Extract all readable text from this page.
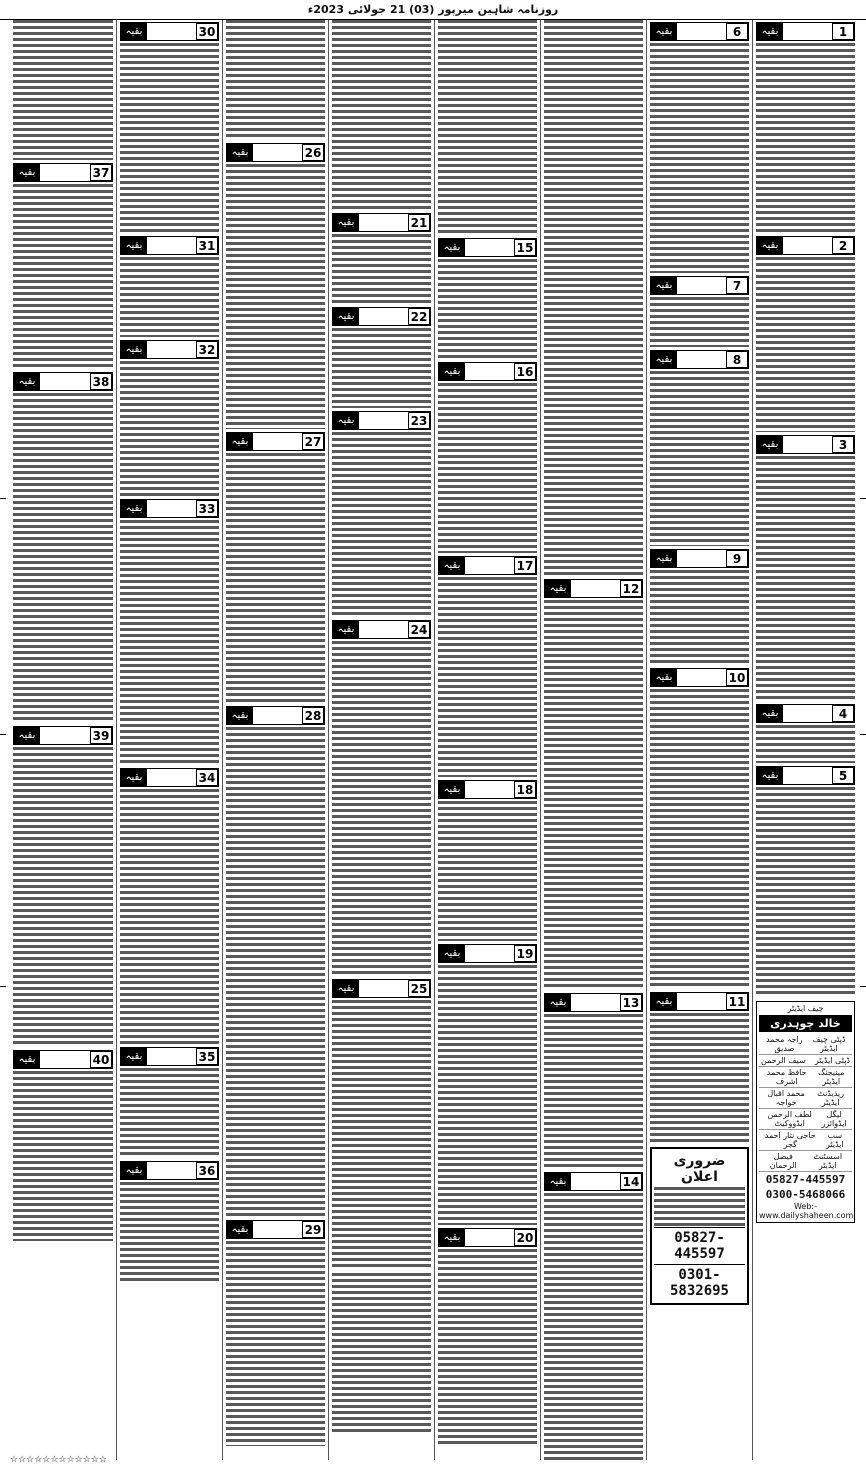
روزنامہ شاہین میرپور (03) 21 جولائی 2023ء
1
بقیہ
2
بقیہ
3
بقیہ
4
بقیہ
5
بقیہ
چیف ایڈیٹر
خالد چوہدری
ڈپٹی چیف ایڈیٹر
راجہ محمد صدیق
ڈپٹی ایڈیٹر
سیف الرحمن
مینیجنگ ایڈیٹر
حافظ محمد اشرف
ریذیڈنٹ ایڈیٹر
محمد اقبال خواجہ
لیگل ایڈوائزر
لطف الرحمن ایڈووکیٹ
سب ایڈیٹر
حاجی نثار احمد گجر
اسسٹنٹ ایڈیٹر
فیصل الرحمان
05827-445597
0300-5468066
Web:-www.dailyshaheen.com
6
بقیہ
7
بقیہ
8
بقیہ
9
بقیہ
10
بقیہ
11
بقیہ
ضروری اعلان
05827-445597
0301-5832695
12
بقیہ
13
بقیہ
14
بقیہ
15
بقیہ
16
بقیہ
17
بقیہ
18
بقیہ
19
بقیہ
20
بقیہ
21
بقیہ
22
بقیہ
23
بقیہ
24
بقیہ
25
بقیہ
26
بقیہ
27
بقیہ
28
بقیہ
29
بقیہ
30
بقیہ
31
بقیہ
32
بقیہ
33
بقیہ
34
بقیہ
35
بقیہ
36
بقیہ
37
بقیہ
38
بقیہ
39
بقیہ
40
بقیہ
☆☆☆☆☆☆☆☆☆☆☆☆
